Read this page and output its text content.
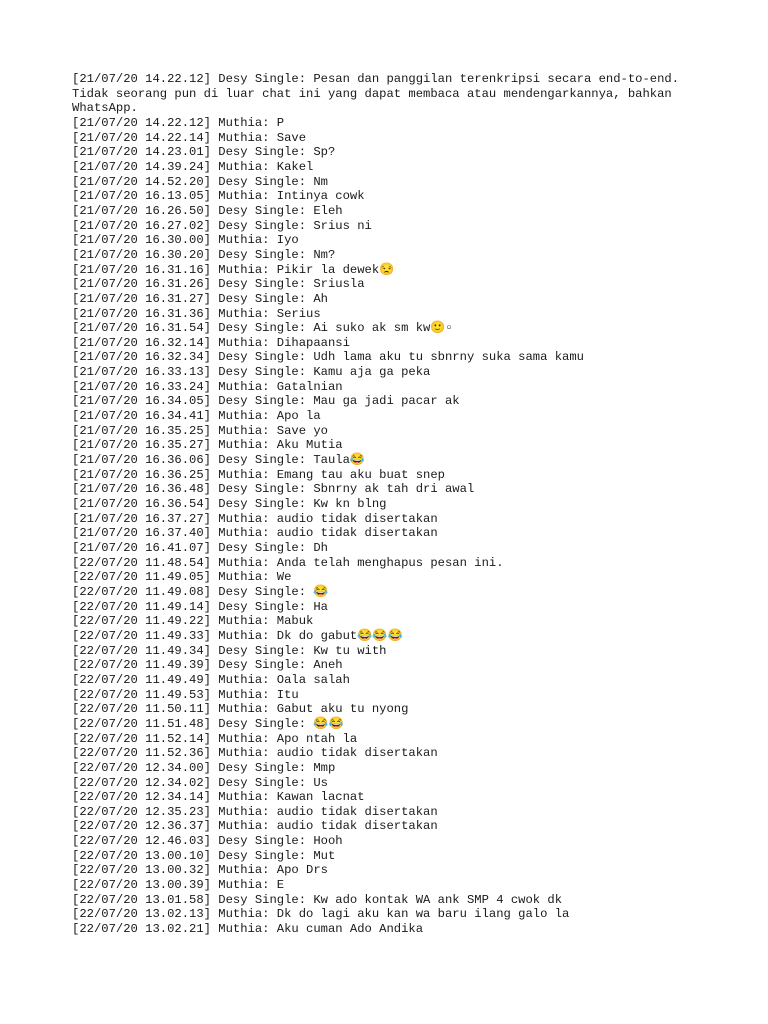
[21/07/20 14.22.12] Desy Single: Pesan dan panggilan terenkripsi secara end-to-end.

Tidak seorang pun di luar chat ini yang dapat membaca atau mendengarkannya, bahkan

WhatsApp.

[21/07/20 14.22.12] Muthia: P

[21/07/20 14.22.14] Muthia: Save

[21/07/20 14.23.01] Desy Single: Sp?

[21/07/20 14.39.24] Muthia: Kakel

[21/07/20 14.52.20] Desy Single: Nm

[21/07/20 16.13.05] Muthia: Intinya cowk

[21/07/20 16.26.50] Desy Single: Eleh

[21/07/20 16.27.02] Desy Single: Srius ni

[21/07/20 16.30.00] Muthia: Iyo

[21/07/20 16.30.20] Desy Single: Nm?

[21/07/20 16.31.16] Muthia: Pikir la dewek😒

[21/07/20 16.31.26] Desy Single: Sriusla

[21/07/20 16.31.27] Desy Single: Ah

[21/07/20 16.31.36] Muthia: Serius

[21/07/20 16.31.54] Desy Single: Ai suko ak sm kw🙂▫

[21/07/20 16.32.14] Muthia: Dihapaansi

[21/07/20 16.32.34] Desy Single: Udh lama aku tu sbnrny suka sama kamu

[21/07/20 16.33.13] Desy Single: Kamu aja ga peka

[21/07/20 16.33.24] Muthia: Gatalnian

[21/07/20 16.34.05] Desy Single: Mau ga jadi pacar ak

[21/07/20 16.34.41] Muthia: Apo la

[21/07/20 16.35.25] Muthia: Save yo

[21/07/20 16.35.27] Muthia: Aku Mutia

[21/07/20 16.36.06] Desy Single: Taula😂

[21/07/20 16.36.25] Muthia: Emang tau aku buat snep

[21/07/20 16.36.48] Desy Single: Sbnrny ak tah dri awal

[21/07/20 16.36.54] Desy Single: Kw kn blng

[21/07/20 16.37.27] Muthia: audio tidak disertakan

[21/07/20 16.37.40] Muthia: audio tidak disertakan

[21/07/20 16.41.07] Desy Single: Dh

[22/07/20 11.48.54] Muthia: Anda telah menghapus pesan ini.

[22/07/20 11.49.05] Muthia: We

[22/07/20 11.49.08] Desy Single: 😂

[22/07/20 11.49.14] Desy Single: Ha

[22/07/20 11.49.22] Muthia: Mabuk

[22/07/20 11.49.33] Muthia: Dk do gabut😂😂😂

[22/07/20 11.49.34] Desy Single: Kw tu with

[22/07/20 11.49.39] Desy Single: Aneh

[22/07/20 11.49.49] Muthia: Oala salah

[22/07/20 11.49.53] Muthia: Itu

[22/07/20 11.50.11] Muthia: Gabut aku tu nyong

[22/07/20 11.51.48] Desy Single: 😂😂

[22/07/20 11.52.14] Muthia: Apo ntah la

[22/07/20 11.52.36] Muthia: audio tidak disertakan

[22/07/20 12.34.00] Desy Single: Mmp

[22/07/20 12.34.02] Desy Single: Us

[22/07/20 12.34.14] Muthia: Kawan lacnat

[22/07/20 12.35.23] Muthia: audio tidak disertakan

[22/07/20 12.36.37] Muthia: audio tidak disertakan

[22/07/20 12.46.03] Desy Single: Hooh

[22/07/20 13.00.10] Desy Single: Mut

[22/07/20 13.00.32] Muthia: Apo Drs

[22/07/20 13.00.39] Muthia: E

[22/07/20 13.01.58] Desy Single: Kw ado kontak WA ank SMP 4 cwok dk

[22/07/20 13.02.13] Muthia: Dk do lagi aku kan wa baru ilang galo la

[22/07/20 13.02.21] Muthia: Aku cuman Ado Andika
